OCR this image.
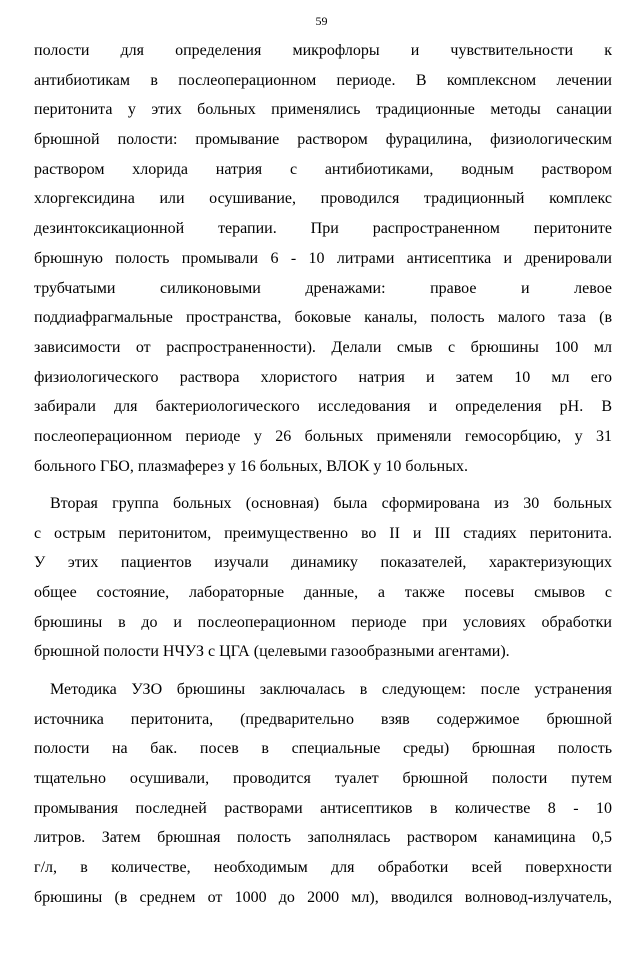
59
полости для определения микрофлоры и чувствительности к
антибиотикам в послеоперационном периоде. В комплексном лечении
перитонита у этих больных применялись традиционные методы санации
брюшной полости: промывание раствором фурацилина, физиологическим
раствором хлорида натрия с антибиотиками, водным раствором
хлоргексидина или осушивание, проводился традиционный комплекс
дезинтоксикационной терапии. При распространенном перитоните
брюшную полость промывали 6 - 10 литрами антисептика и дренировали
трубчатыми силиконовыми дренажами: правое и левое
поддиафрагмальные пространства, боковые каналы, полость малого таза (в
зависимости от распространенности). Делали смыв с брюшины 100 мл
физиологического раствора хлористого натрия и затем 10 мл его
забирали для бактериологического исследования и определения рН. В
послеоперационном периоде у 26 больных применяли гемосорбцию, у 31
больного ГБО, плазмаферез у 16 больных, ВЛОК у 10 больных.
Вторая группа больных (основная) была сформирована из 30 больных
с острым перитонитом, преимущественно во II и III стадиях перитонита.
У этих пациентов изучали динамику показателей, характеризующих
общее состояние, лабораторные данные, а также посевы смывов с
брюшины в до и послеоперационном периоде при условиях обработки
брюшной полости НЧУЗ с ЦГА (целевыми газообразными агентами).
Методика УЗО брюшины заключалась в следующем: после устранения
источника перитонита, (предварительно взяв содержимое брюшной
полости на бак. посев в специальные среды) брюшная полость
тщательно осушивали, проводится туалет брюшной полости путем
промывания последней растворами антисептиков в количестве 8 - 10
литров. Затем брюшная полость заполнялась раствором канамицина 0,5
г/л, в количестве, необходимым для обработки всей поверхности
брюшины (в среднем от 1000 до 2000 мл), вводился волновод-излучатель,
